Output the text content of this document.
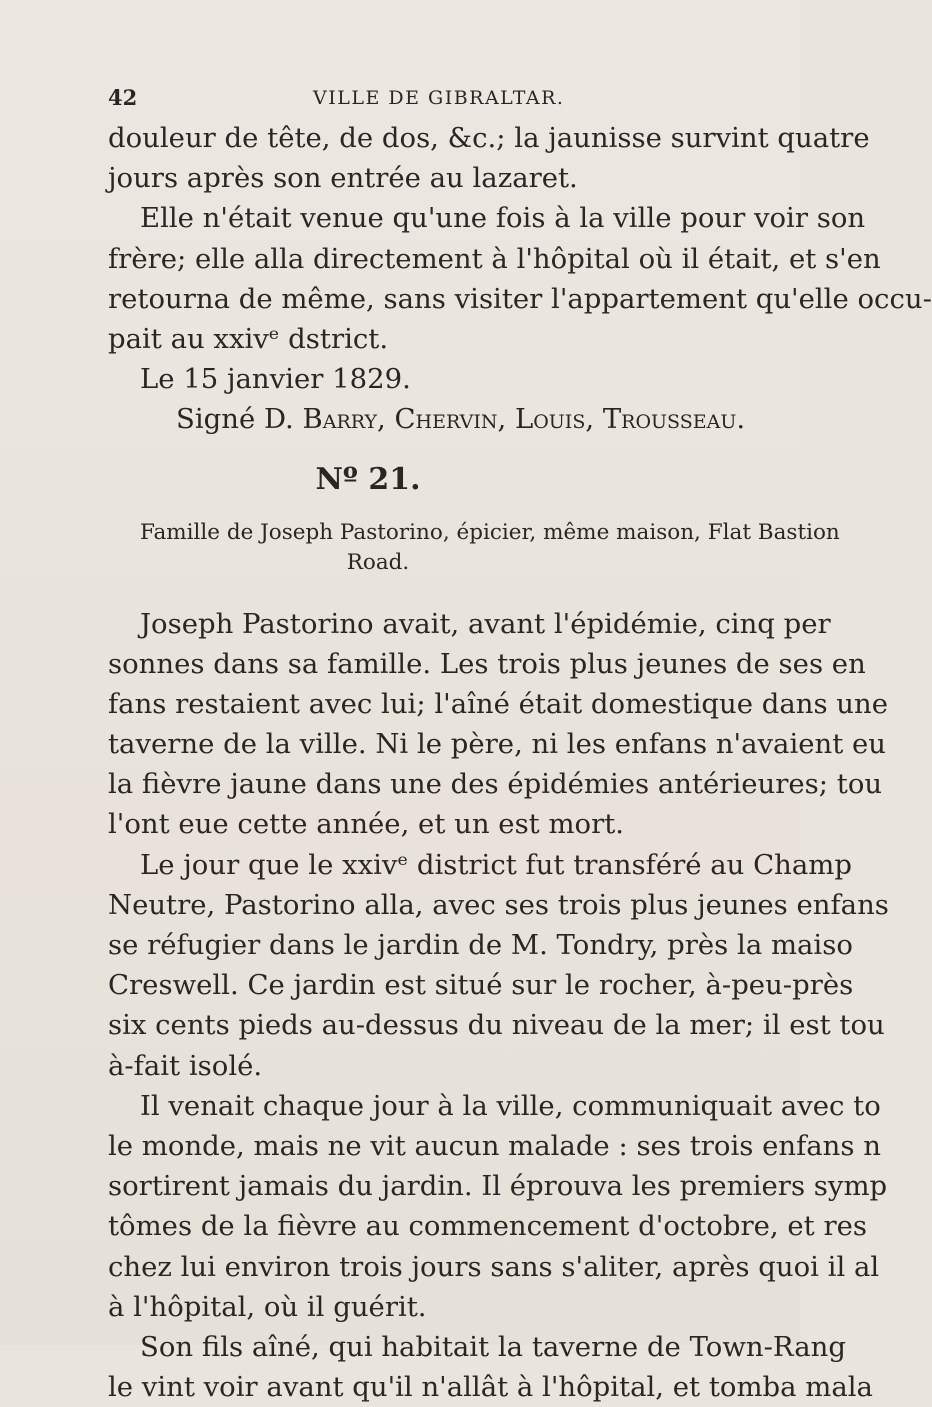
42	VILLE DE GIBRALTAR.
douleur de tête, de dos, &c.; la jaunisse survint quatre
jours après son entrée au lazaret.
Elle n'était venue qu'une fois à la ville pour voir son
frère; elle alla directement à l'hôpital où il était, et s'en
retourna de même, sans visiter l'appartement qu'elle occu-
pait au xxivᵉ dstrict.
Le 15 janvier 1829.
Signé D. Barry, Chervin, Louis, Trousseau.
Nº 21.
Famille de Joseph Pastorino, épicier, même maison, Flat Bastion
Road.
Joseph Pastorino avait, avant l'épidémie, cinq per
sonnes dans sa famille. Les trois plus jeunes de ses en
fans restaient avec lui; l'aîné était domestique dans une
taverne de la ville. Ni le père, ni les enfans n'avaient eu
la fièvre jaune dans une des épidémies antérieures; tou
l'ont eue cette année, et un est mort.
Le jour que le xxivᵉ district fut transféré au Champ
Neutre, Pastorino alla, avec ses trois plus jeunes enfans
se réfugier dans le jardin de M. Tondry, près la maiso
Creswell. Ce jardin est situé sur le rocher, à-peu-près
six cents pieds au-dessus du niveau de la mer; il est tou
à-fait isolé.
Il venait chaque jour à la ville, communiquait avec to
le monde, mais ne vit aucun malade : ses trois enfans n
sortirent jamais du jardin. Il éprouva les premiers symp
tômes de la fièvre au commencement d'octobre, et res
chez lui environ trois jours sans s'aliter, après quoi il al
à l'hôpital, où il guérit.
Son fils aîné, qui habitait la taverne de Town-Rang
le vint voir avant qu'il n'allât à l'hôpital, et tomba mala
